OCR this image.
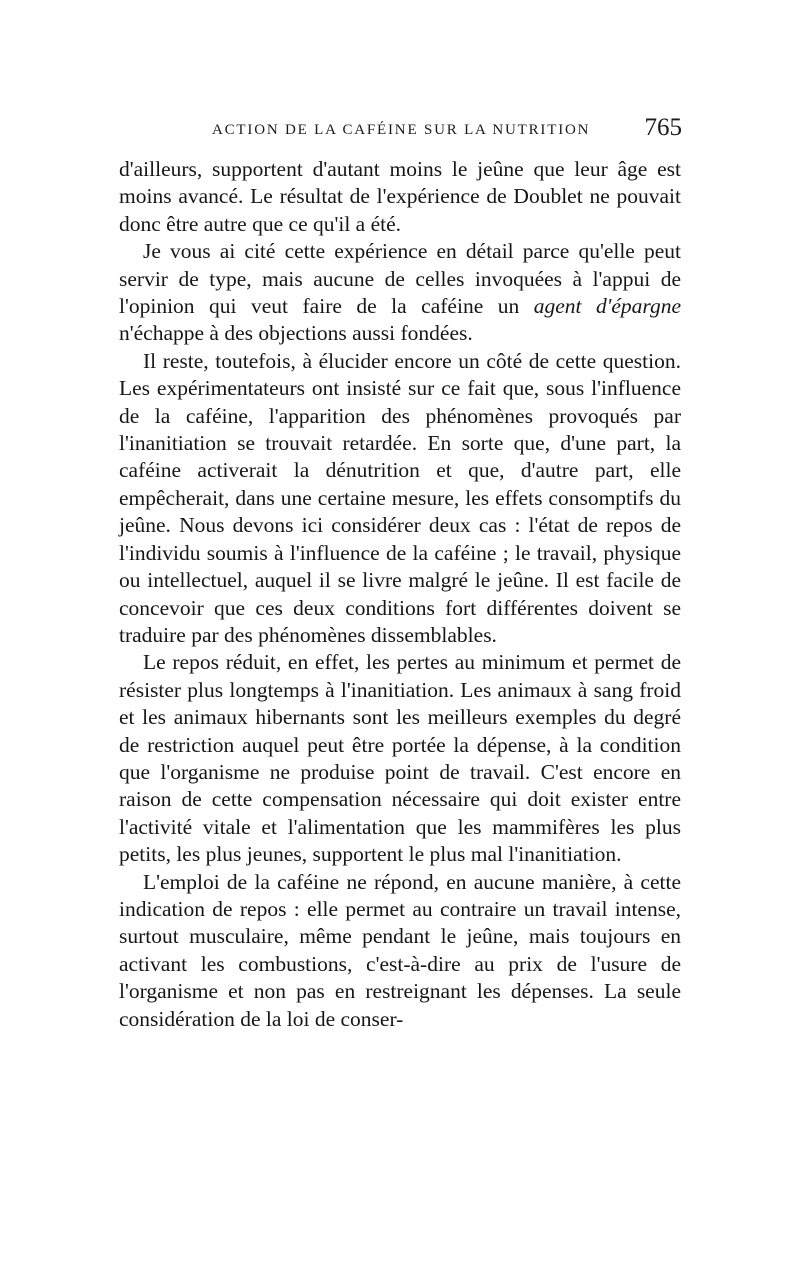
ACTION DE LA CAFÉINE SUR LA NUTRITION 765

d'ailleurs, supportent d'autant moins le jeûne que leur âge est moins avancé. Le résultat de l'expérience de Doublet ne pouvait donc être autre que ce qu'il a été.

Je vous ai cité cette expérience en détail parce qu'elle peut servir de type, mais aucune de celles invoquées à l'appui de l'opinion qui veut faire de la caféine un agent d'épargne n'échappe à des objections aussi fondées.

Il reste, toutefois, à élucider encore un côté de cette question. Les expérimentateurs ont insisté sur ce fait que, sous l'influence de la caféine, l'apparition des phénomènes provoqués par l'inanitiation se trouvait retardée. En sorte que, d'une part, la caféine activerait la dénutrition et que, d'autre part, elle empêcherait, dans une certaine mesure, les effets consomptifs du jeûne. Nous devons ici considérer deux cas : l'état de repos de l'individu soumis à l'influence de la caféine ; le travail, physique ou intellectuel, auquel il se livre malgré le jeûne. Il est facile de concevoir que ces deux conditions fort différentes doivent se traduire par des phénomènes dissemblables.

Le repos réduit, en effet, les pertes au minimum et permet de résister plus longtemps à l'inanitiation. Les animaux à sang froid et les animaux hibernants sont les meilleurs exemples du degré de restriction auquel peut être portée la dépense, à la condition que l'organisme ne produise point de travail. C'est encore en raison de cette compensation nécessaire qui doit exister entre l'activité vitale et l'alimentation que les mammifères les plus petits, les plus jeunes, supportent le plus mal l'inanitiation.

L'emploi de la caféine ne répond, en aucune manière, à cette indication de repos : elle permet au contraire un travail intense, surtout musculaire, même pendant le jeûne, mais toujours en activant les combustions, c'est-à-dire au prix de l'usure de l'organisme et non pas en restreignant les dépenses. La seule considération de la loi de conser-
